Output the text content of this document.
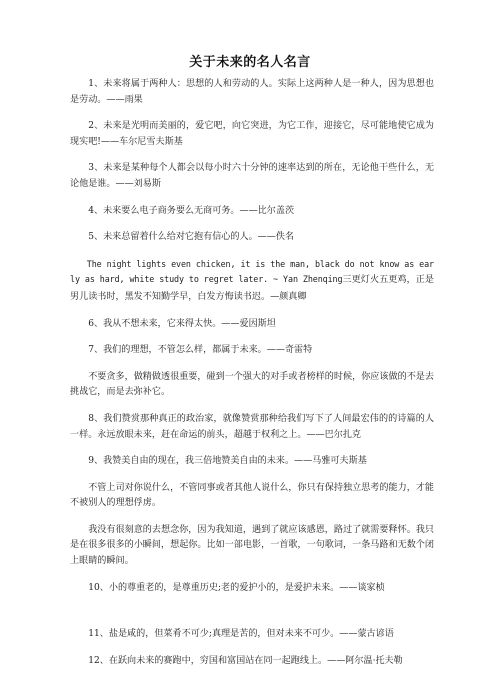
关于未来的名人名言

1、未来将属于两种人：思想的人和劳动的人。实际上这两种人是一种人，因为思想也是劳动。——雨果

2、未来是光明而美丽的，爱它吧，向它突进，为它工作，迎接它，尽可能地使它成为现实吧!——车尔尼雪夫斯基

3、未来是某种每个人都会以每小时六十分钟的速率达到的所在，无论他干些什么，无论他是谁。——刘易斯

4、未来要么电子商务要么无商可务。——比尔盖茨

5、未来总留着什么给对它抱有信心的人。——佚名

The night lights even chicken, it is the man, black do not know as early as hard, white study to regret later. ~ Yan Zhenqing三更灯火五更鸡，正是男儿读书时，黑发不知勤学早，白发方悔读书迟。—颜真卿

6、我从不想未来，它来得太快。——爱因斯坦

7、我们的理想，不管怎么样，都属于未来。——奇雷特

不要贪多，做精做透很重要，碰到一个强大的对手或者榜样的时候，你应该做的不是去挑战它，而是去弥补它。

8、我们赞赏那种真正的政治家，就像赞赏那种给我们写下了人间最宏伟的的诗篇的人一样。永远放眼未来，赶在命运的前头，超越于权利之上。——巴尔扎克

9、我赞美自由的现在，我三倍地赞美自由的未来。——马雅可夫斯基

不管上司对你说什么，不管同事或者其他人说什么，你只有保持独立思考的能力，才能不被别人的理想俘虏。

我没有很刻意的去想念你，因为我知道，遇到了就应该感恩，路过了就需要释怀。我只是在很多很多的小瞬间，想起你。比如一部电影，一首歌，一句歌词，一条马路和无数个闭上眼睛的瞬间。

10、小的尊重老的，是尊重历史;老的爱护小的，是爱护未来。——谈家桢

11、盐是咸的，但菜肴不可少;真理是苦的，但对未来不可少。——蒙古谚语

12、在跃向未来的赛跑中，穷国和富国站在同一起跑线上。——阿尔温·托夫勒
